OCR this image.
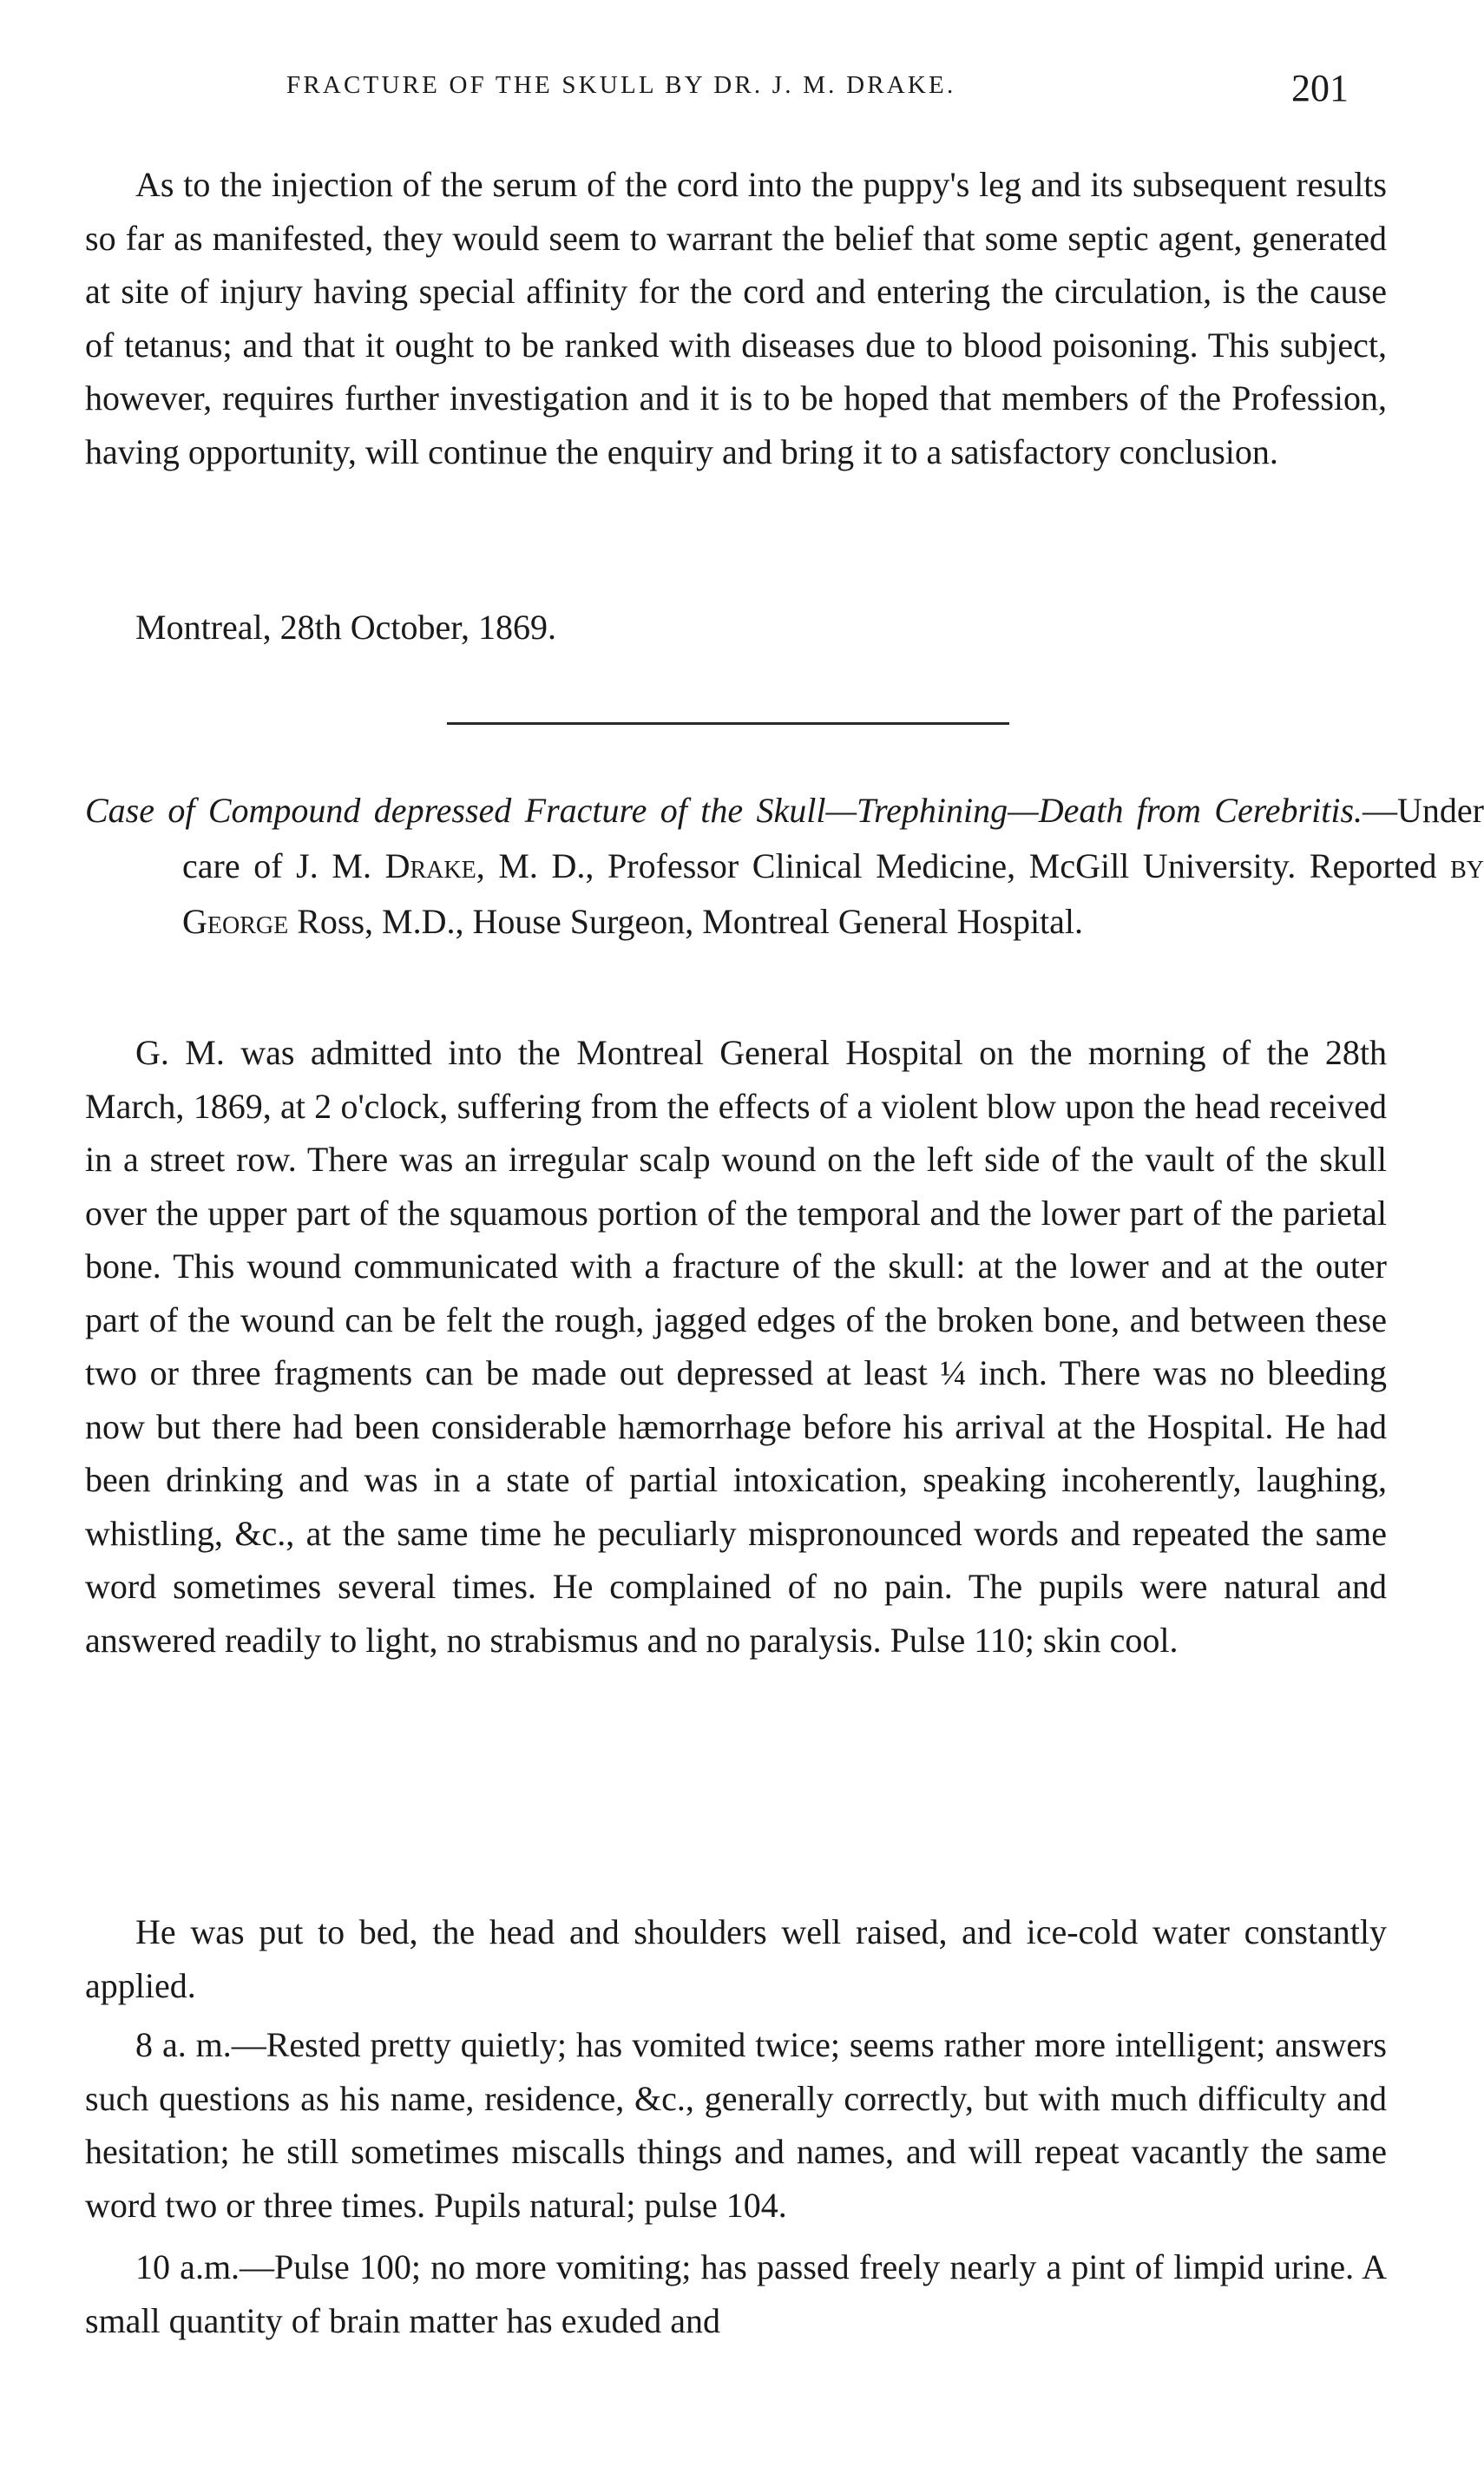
FRACTURE OF THE SKULL BY DR. J. M. DRAKE.	201

As to the injection of the serum of the cord into the puppy's leg and its subsequent results so far as manifested, they would seem to warrant the belief that some septic agent, generated at site of injury having special affinity for the cord and entering the circulation, is the cause of tetanus; and that it ought to be ranked with diseases due to blood poisoning. This subject, however, requires further investigation and it is to be hoped that members of the Profession, having opportunity, will continue the enquiry and bring it to a satisfactory conclusion.

Montreal, 28th October, 1869.

Case of Compound depressed Fracture of the Skull—Trephining—Death from Cerebritis.—Under care of J. M. Drake, M. D., Professor Clinical Medicine, McGill University. Reported by George Ross, M.D., House Surgeon, Montreal General Hospital.

G. M. was admitted into the Montreal General Hospital on the morning of the 28th March, 1869, at 2 o'clock, suffering from the effects of a violent blow upon the head received in a street row. There was an irregular scalp wound on the left side of the vault of the skull over the upper part of the squamous portion of the temporal and the lower part of the parietal bone. This wound communicated with a fracture of the skull: at the lower and at the outer part of the wound can be felt the rough, jagged edges of the broken bone, and between these two or three fragments can be made out depressed at least ¼ inch. There was no bleeding now but there had been considerable hæmorrhage before his arrival at the Hospital. He had been drinking and was in a state of partial intoxication, speaking incoherently, laughing, whistling, &c., at the same time he peculiarly mispronounced words and repeated the same word sometimes several times. He complained of no pain. The pupils were natural and answered readily to light, no strabismus and no paralysis. Pulse 110; skin cool.

He was put to bed, the head and shoulders well raised, and ice-cold water constantly applied.

8 a. m.—Rested pretty quietly; has vomited twice; seems rather more intelligent; answers such questions as his name, residence, &c., generally correctly, but with much difficulty and hesitation; he still sometimes miscalls things and names, and will repeat vacantly the same word two or three times. Pupils natural; pulse 104.

10 a.m.—Pulse 100; no more vomiting; has passed freely nearly a pint of limpid urine. A small quantity of brain matter has exuded and
